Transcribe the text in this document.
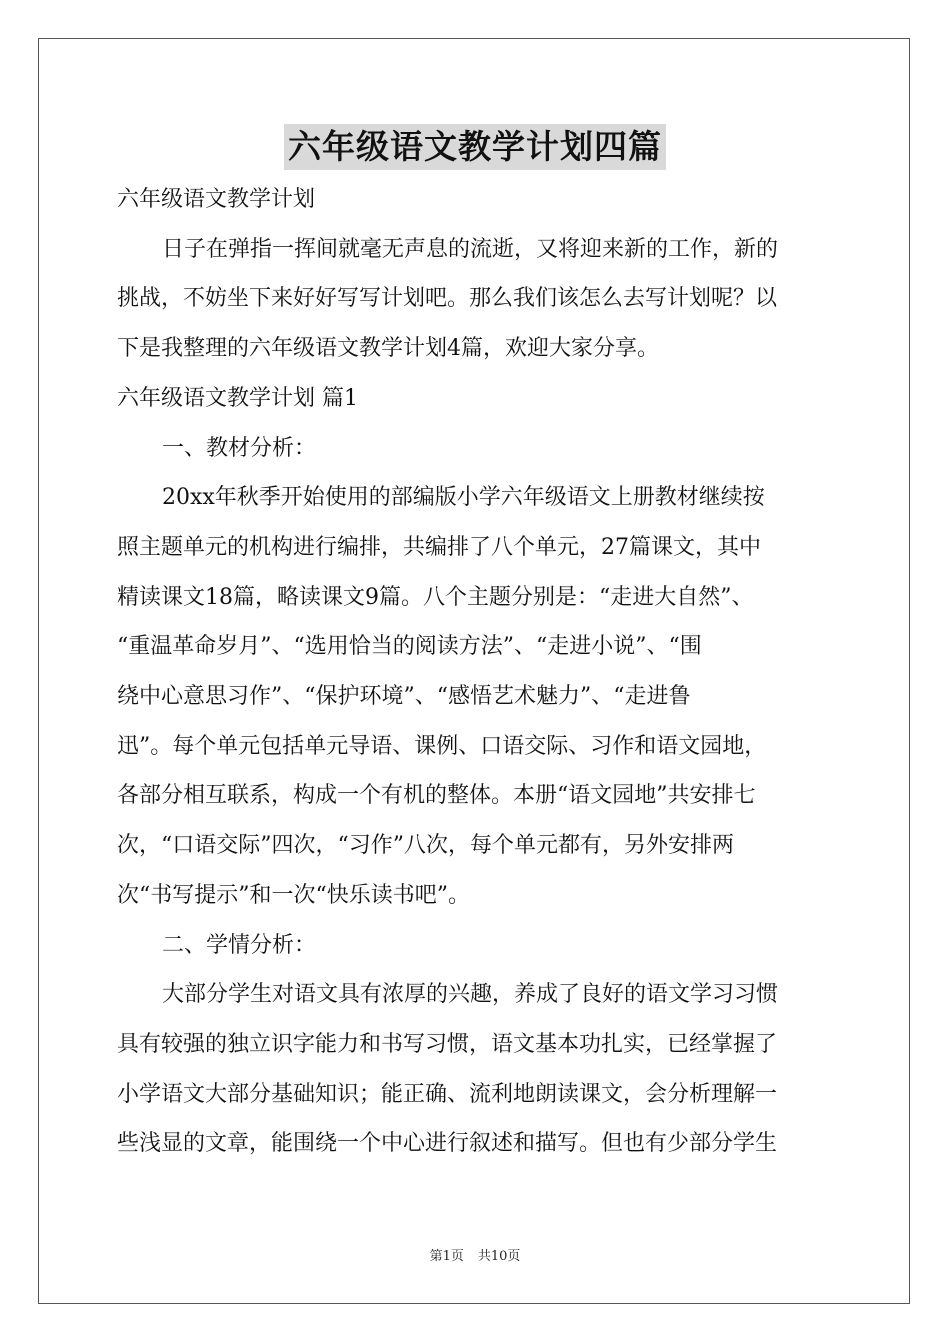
六年级语文教学计划四篇
六年级语文教学计划
日子在弹指一挥间就毫无声息的流逝，又将迎来新的工作，新的
挑战，不妨坐下来好好写写计划吧。那么我们该怎么去写计划呢？以
下是我整理的六年级语文教学计划4篇，欢迎大家分享。
六年级语文教学计划 篇1
一、教材分析：
20xx年秋季开始使用的部编版小学六年级语文上册教材继续按
照主题单元的机构进行编排，共编排了八个单元，27篇课文，其中
精读课文18篇，略读课文9篇。八个主题分别是：“走进大自然”、
“重温革命岁月”、“选用恰当的阅读方法”、“走进小说”、“围
绕中心意思习作”、“保护环境”、“感悟艺术魅力”、“走进鲁
迅”。每个单元包括单元导语、课例、口语交际、习作和语文园地，
各部分相互联系，构成一个有机的整体。本册“语文园地”共安排七
次，“口语交际”四次，“习作”八次，每个单元都有，另外安排两
次“书写提示”和一次“快乐读书吧”。
二、学情分析：
大部分学生对语文具有浓厚的兴趣，养成了良好的语文学习习惯
具有较强的独立识字能力和书写习惯，语文基本功扎实，已经掌握了
小学语文大部分基础知识；能正确、流利地朗读课文，会分析理解一
些浅显的文章，能围绕一个中心进行叙述和描写。但也有少部分学生
第1页 共10页
